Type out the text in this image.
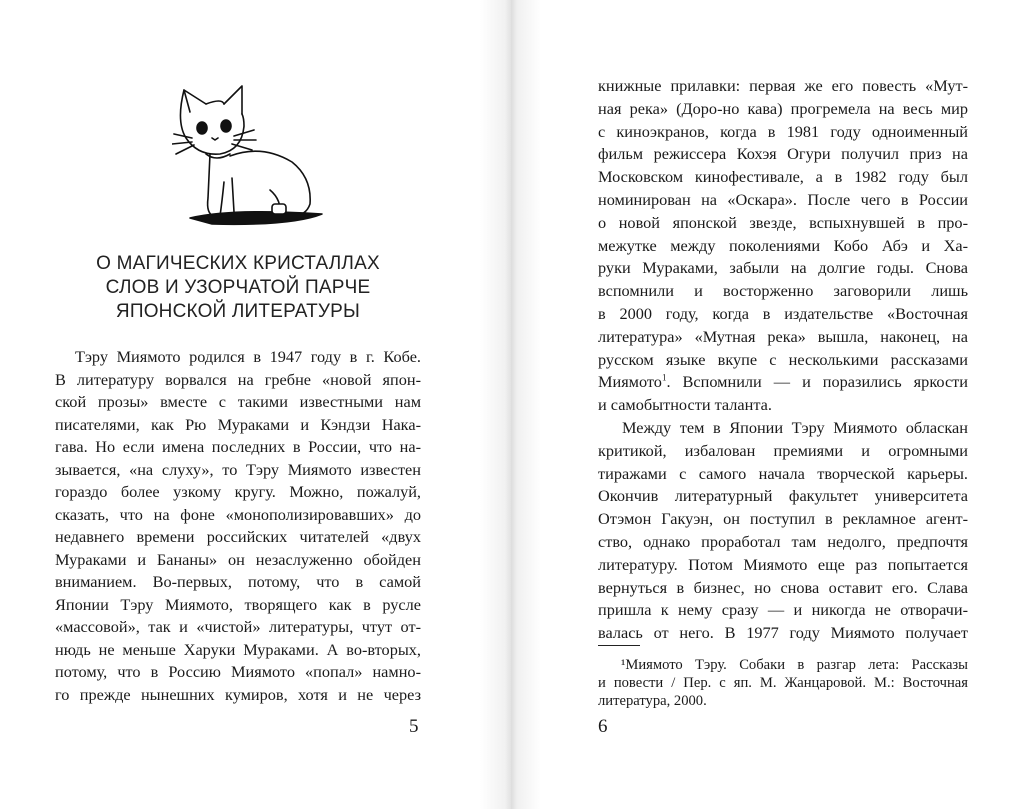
О МАГИЧЕСКИХ КРИСТАЛЛАХ
СЛОВ И УЗОРЧАТОЙ ПАРЧЕ
ЯПОНСКОЙ ЛИТЕРАТУРЫ
Тэру Миямото родился в 1947 году в г. Кобе.
В литературу ворвался на гребне «новой япон-
ской прозы» вместе с такими известными нам
писателями, как Рю Мураками и Кэндзи Нака-
гава. Но если имена последних в России, что на-
зывается, «на слуху», то Тэру Миямото известен
гораздо более узкому кругу. Можно, пожалуй,
сказать, что на фоне «монополизировавших» до
недавнего времени российских читателей «двух
Мураками и Бананы» он незаслуженно обойден
вниманием. Во-первых, потому, что в самой
Японии Тэру Миямото, творящего как в русле
«массовой», так и «чистой» литературы, чтут от-
нюдь не меньше Харуки Мураками. А во-вторых,
потому, что в Россию Миямото «попал» намно-
го прежде нынешних кумиров, хотя и не через
5
книжные прилавки: первая же его повесть «Мут-
ная река» (Доро-но кава) прогремела на весь мир
с киноэкранов, когда в 1981 году одноименный
фильм режиссера Кохэя Огури получил приз на
Московском кинофестивале, а в 1982 году был
номинирован на «Оскара». После чего в России
о новой японской звезде, вспыхнувшей в про-
межутке между поколениями Кобо Абэ и Ха-
руки Мураками, забыли на долгие годы. Снова
вспомнили и восторженно заговорили лишь
в 2000 году, когда в издательстве «Восточная
литература» «Мутная река» вышла, наконец, на
русском языке вкупе с несколькими рассказами
Миямото$^1$. Вспомнили — и поразились яркости
и самобытности таланта.
Между тем в Японии Тэру Миямото обласкан
критикой, избалован премиями и огромными
тиражами с самого начала творческой карьеры.
Окончив литературный факультет университета
Отэмон Гакуэн, он поступил в рекламное агент-
ство, однако проработал там недолго, предпочтя
литературу. Потом Миямото еще раз попытается
вернуться в бизнес, но снова оставит его. Слава
пришла к нему сразу — и никогда не отворачи-
валась от него. В 1977 году Миямото получает
¹Миямото Тэру. Собаки в разгар лета: Рассказы
и повести / Пер. с яп. М. Жанцаровой. М.: Восточная
литература, 2000.
6
